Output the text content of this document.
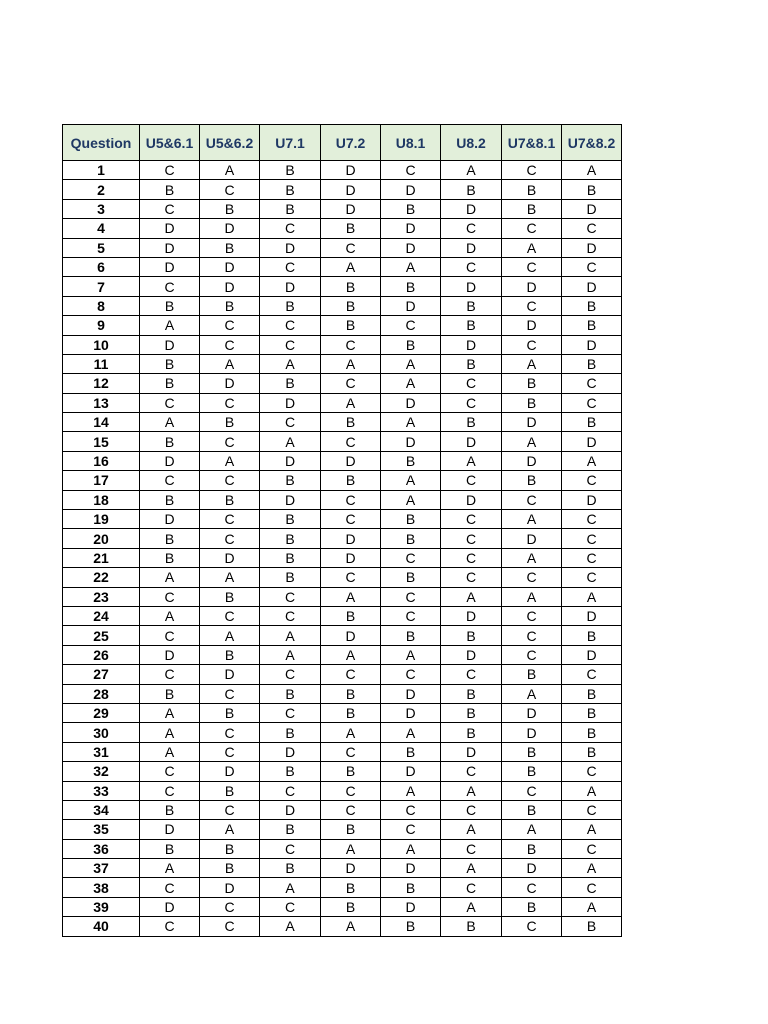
Question	U5&6.1	U5&6.2	U7.1	U7.2	U8.1	U8.2	U7&8.1	U7&8.2
1	C	A	B	D	C	A	C	A
2	B	C	B	D	D	B	B	B
3	C	B	B	D	B	D	B	D
4	D	D	C	B	D	C	C	C
5	D	B	D	C	D	D	A	D
6	D	D	C	A	A	C	C	C
7	C	D	D	B	B	D	D	D
8	B	B	B	B	D	B	C	B
9	A	C	C	B	C	B	D	B
10	D	C	C	C	B	D	C	D
11	B	A	A	A	A	B	A	B
12	B	D	B	C	A	C	B	C
13	C	C	D	A	D	C	B	C
14	A	B	C	B	A	B	D	B
15	B	C	A	C	D	D	A	D
16	D	A	D	D	B	A	D	A
17	C	C	B	B	A	C	B	C
18	B	B	D	C	A	D	C	D
19	D	C	B	C	B	C	A	C
20	B	C	B	D	B	C	D	C
21	B	D	B	D	C	C	A	C
22	A	A	B	C	B	C	C	C
23	C	B	C	A	C	A	A	A
24	A	C	C	B	C	D	C	D
25	C	A	A	D	B	B	C	B
26	D	B	A	A	A	D	C	D
27	C	D	C	C	C	C	B	C
28	B	C	B	B	D	B	A	B
29	A	B	C	B	D	B	D	B
30	A	C	B	A	A	B	D	B
31	A	C	D	C	B	D	B	B
32	C	D	B	B	D	C	B	C
33	C	B	C	C	A	A	C	A
34	B	C	D	C	C	C	B	C
35	D	A	B	B	C	A	A	A
36	B	B	C	A	A	C	B	C
37	A	B	B	D	D	A	D	A
38	C	D	A	B	B	C	C	C
39	D	C	C	B	D	A	B	A
40	C	C	A	A	B	B	C	B
